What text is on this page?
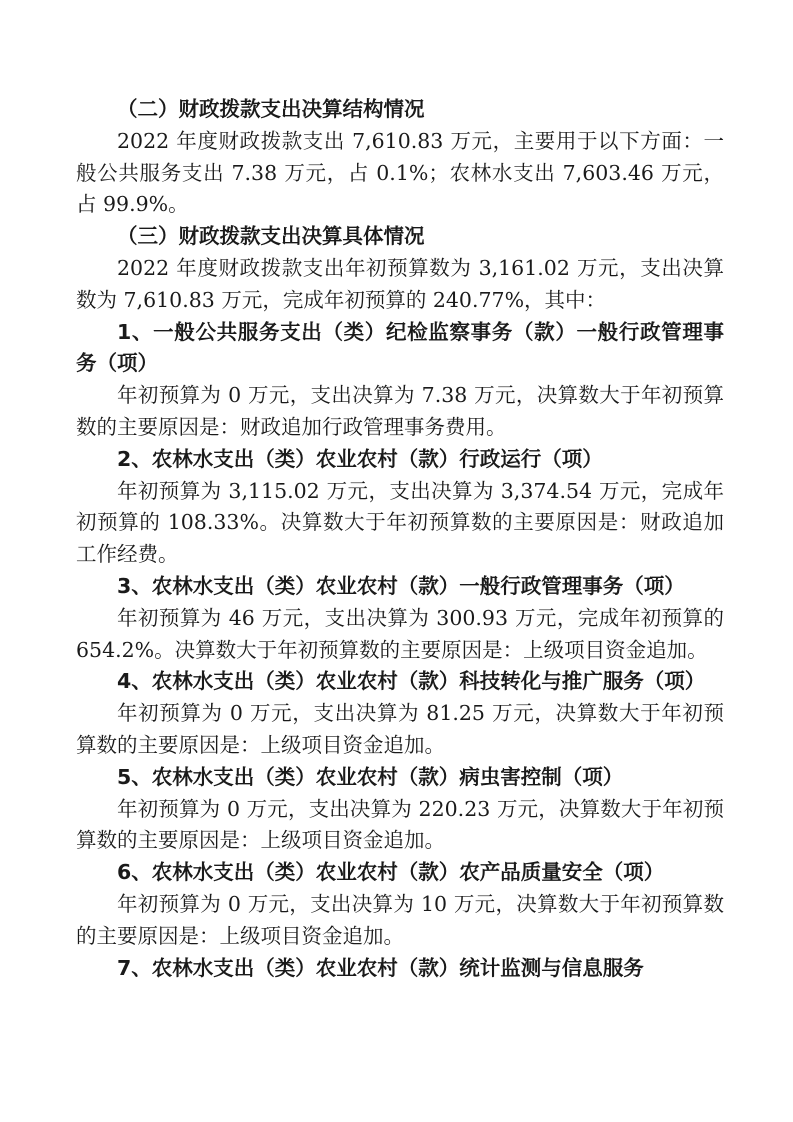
（二）财政拨款支出决算结构情况

2022 年度财政拨款支出 7,610.83 万元，主要用于以下方面：一般公共服务支出 7.38 万元，占 0.1%；农林水支出 7,603.46 万元，占 99.9%。

（三）财政拨款支出决算具体情况

2022 年度财政拨款支出年初预算数为 3,161.02 万元，支出决算数为 7,610.83 万元，完成年初预算的 240.77%，其中：

1、一般公共服务支出（类）纪检监察事务（款）一般行政管理事务（项）

年初预算为 0 万元，支出决算为 7.38 万元，决算数大于年初预算数的主要原因是：财政追加行政管理事务费用。

2、农林水支出（类）农业农村（款）行政运行（项）

年初预算为 3,115.02 万元，支出决算为 3,374.54 万元，完成年初预算的 108.33%。决算数大于年初预算数的主要原因是：财政追加工作经费。

3、农林水支出（类）农业农村（款）一般行政管理事务（项）

年初预算为 46 万元，支出决算为 300.93 万元，完成年初预算的 654.2%。决算数大于年初预算数的主要原因是：上级项目资金追加。

4、农林水支出（类）农业农村（款）科技转化与推广服务（项）

年初预算为 0 万元，支出决算为 81.25 万元，决算数大于年初预算数的主要原因是：上级项目资金追加。

5、农林水支出（类）农业农村（款）病虫害控制（项）

年初预算为 0 万元，支出决算为 220.23 万元，决算数大于年初预算数的主要原因是：上级项目资金追加。

6、农林水支出（类）农业农村（款）农产品质量安全（项）

年初预算为 0 万元，支出决算为 10 万元，决算数大于年初预算数的主要原因是：上级项目资金追加。

7、农林水支出（类）农业农村（款）统计监测与信息服务
